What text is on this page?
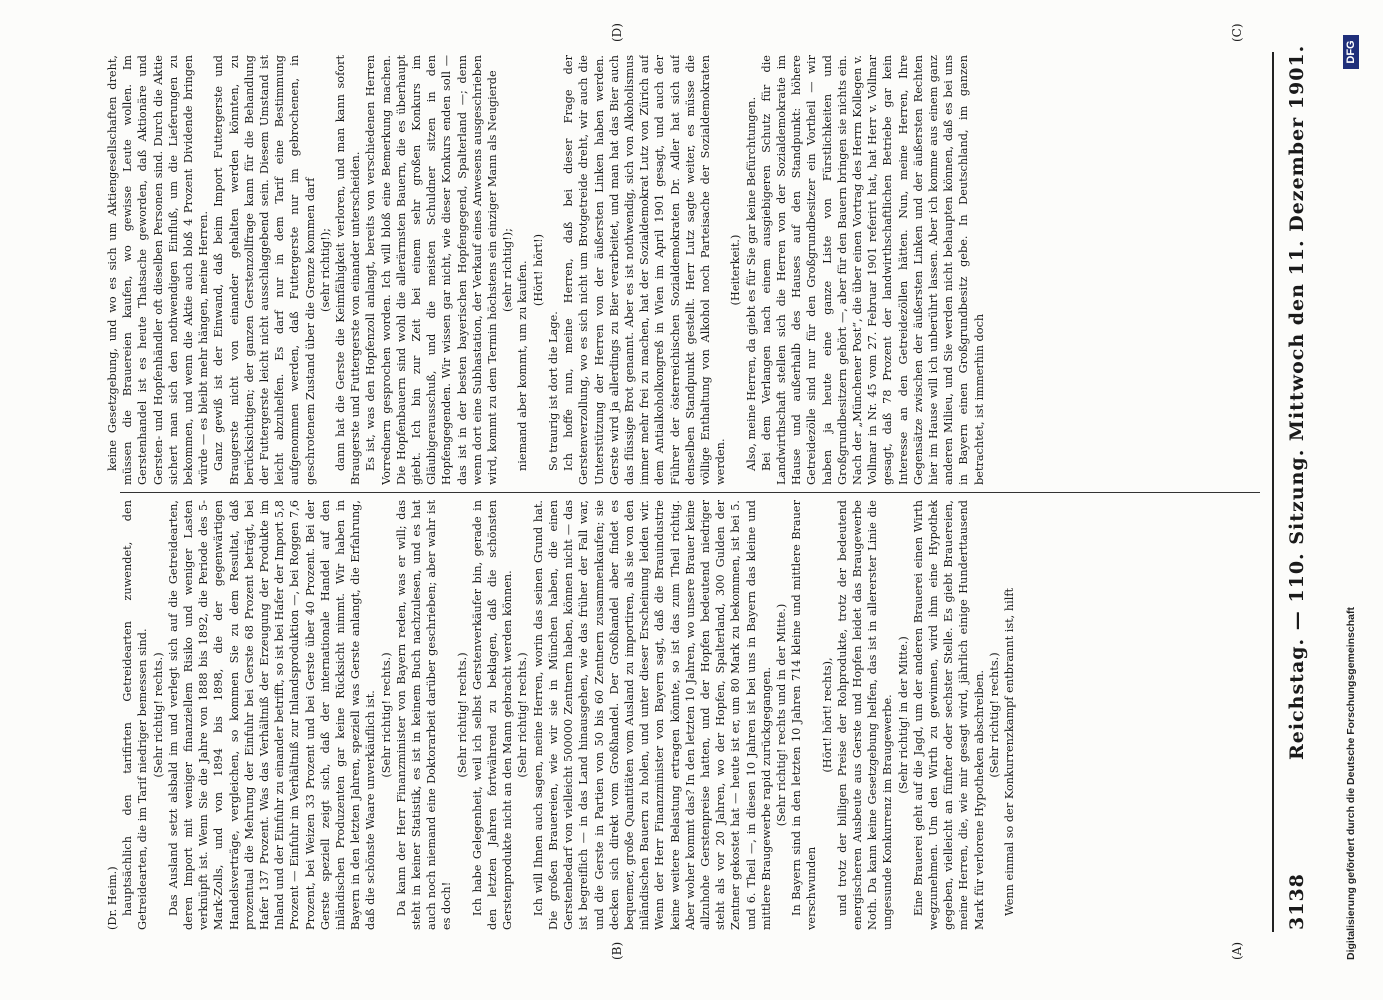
3138
Reichstag. — 110. Sitzung. Mittwoch den 11. Dezember 1901.

(Dr. Heim.) hauptsächlich den tarifirten Getreidearten zuwendet, den Getreidearten, die im Tarif niedriger bemessen sind. (Sehr richtig! rechts.) Das Ausland setzt alsbald im und verlegt sich auf die Getreidearten, deren Import mit weniger finanziellem Risiko und weniger Lasten verknüpft ist. Wenn Sie die Jahre von 1888 bis 1892, die Periode des 5-Mark-Zolls, und von 1894 bis 1898, die der gegenwärtigen Handelsverträge, vergleichen, so kommen Sie zu dem Resultat, daß prozentual die Mehrung der Einfuhr bei Gerste 68 Prozent beträgt, bei Hafer 137 Prozent. Was das Verhältniß der Erzeugung der Produkte im Inland und der Einfuhr zu einander betrifft, so ist bei Hafer der Import 5,8 Prozent — Einfuhr im Verhältniß zur Inlandsproduktion —, bei Roggen 7,6 Prozent, bei Weizen 33 Prozent und bei Gerste über 40 Prozent. Bei der Gerste speziell zeigt sich, daß der internationale Handel auf den inländischen Produzenten gar keine Rücksicht nimmt. Wir haben in Bayern in den letzten Jahren, speziell was Gerste anlangt, die Erfahrung, daß die schönste Waare unverkäuflich ist. (Sehr richtig! rechts.) Da kann der Herr Finanzminister von Bayern reden, was er will; das steht in keiner Statistik, es ist in keinem Buch nachzulesen, und es hat auch noch niemand eine Doktorarbeit darüber geschrieben; aber wahr ist es doch!

(Sehr richtig! rechts.) Ich habe Gelegenheit, weil ich selbst Gerstenverkäufer bin, gerade in den letzten Jahren fortwährend zu beklagen, daß die schönsten Gerstenprodukte nicht an den Mann gebracht werden können. (Sehr richtig! rechts.) Ich will Ihnen auch sagen, meine Herren, worin das seinen Grund hat. Die großen Brauereien, wie wir sie in München haben, die einen Gerstenbedarf von vielleicht 500000 Zentnern haben, können nicht — das ist begreiflich — in das Land hinausgehen, wie das früher der Fall war, und die Gerste in Partien von 50 bis 60 Zentnern zusammenkaufen; sie decken sich direkt vom Großhandel. Der Großhandel aber findet es bequemer, große Quantitäten vom Ausland zu importiren, als sie von den inländischen Bauern zu holen, und unter dieser Erscheinung leiden wir. Wenn der Herr Finanzminister von Bayern sagt, daß die Brauindustrie keine weitere Belastung ertragen könnte, so ist das zum Theil richtig. Aber woher kommt das? In den letzten 10 Jahren, wo unsere Brauer keine allzuhohe Gerstenpreise hatten, und der Hopfen bedeutend niedriger steht als vor 20 Jahren, wo der Hopfen, Spalterland, 300 Gulden der Zentner gekostet hat — heute ist er, um 80 Mark zu bekommen, ist bei 5. und 6. Theil —, in diesen 10 Jahren ist bei uns in Bayern das kleine und mittlere Braugewerbe rapid zurückgegangen. (Sehr richtig! rechts und in der Mitte.) In Bayern sind in den letzten 10 Jahren 714 kleine und mittlere Brauer verschwunden

(Hört! hört! rechts), und trotz der billigen Preise der Rohprodukte, trotz der bedeutend energischeren Ausbeute aus Gerste und Hopfen leidet das Braugewerbe Noth. Da kann keine Gesetzgebung helfen, das ist in allererster Linie die ungesunde Konkurrenz im Braugewerbe. (Sehr richtig! in der Mitte.) Eine Brauerei geht auf die Jagd, um der anderen Brauerei einen Wirth wegzunehmen. Um den Wirth zu gewinnen, wird ihm eine Hypothek gegeben, vielleicht an fünfter oder sechster Stelle. Es giebt Brauereien, meine Herren, die, wie mir gesagt wird, jährlich einige Hunderttausend Mark für verlorene Hypotheken abschreiben. (Sehr richtig! rechts.) Wenn einmal so der Konkurrenzkampf entbrannt ist, hilft

keine Gesetzgebung, und wo es sich um Aktiengesellschaften dreht, müssen die Brauereien kaufen, wo gewisse Leute wollen. Im Gerstenhandel ist es heute Thatsache geworden, daß Aktionäre und Gersten- und Hopfenhändler oft dieselben Personen sind. Durch die Aktie sichert man sich den nothwendigen Einfluß, um die Lieferungen zu bekommen, und wenn die Aktie auch bloß 4 Prozent Dividende bringen würde — es bleibt mehr hängen, meine Herren. Ganz gewiß ist der Einwand, daß beim Import Futtergerste und Braugerste nicht von einander gehalten werden könnten, zu berücksichtigen; der ganzen Gerstenzollfrage kann für die Behandlung der Futtergerste leicht nicht ausschlaggebend sein. Diesem Umstand ist leicht abzuhelfen. Es darf nur in dem Tarif eine Bestimmung aufgenommen werden, daß Futtergerste nur im gebrochenen, in geschrotenem Zustand über die Grenze kommen darf (sehr richtig!); dann hat die Gerste die Keimfähigkeit verloren, und man kann sofort Braugerste und Futtergerste von einander unterscheiden. Es ist, was den Hopfenzoll anlangt, bereits von verschiedenen Herren Vorrednern gesprochen worden. Ich will bloß eine Bemerkung machen. Die Hopfenbauern sind wohl die allerärmsten Bauern, die es überhaupt giebt. Ich bin zur Zeit bei einem sehr großen Konkurs im Gläubigerausschuß, und die meisten Schuldner sitzen in den Hopfengegenden. Wir wissen gar nicht, wie dieser Konkurs enden soll — das ist in der besten bayerischen Hopfengegend, Spalterland —; denn wenn dort eine Subhastation, der Verkauf eines Anwesens ausgeschrieben wird, kommt zu dem Termin höchstens ein einziger Mann als Neugierde (sehr richtig!); niemand aber kommt, um zu kaufen. (Hört! hört!)

So traurig ist dort die Lage. Ich hoffe nun, meine Herren, daß bei dieser Frage der Gerstenverzollung, wo es sich nicht um Brotgetreide dreht, wir auch die Unterstützung der Herren von der äußersten Linken haben werden. Gerste wird ja allerdings zu Bier verarbeitet, und man hat das Bier auch das flüssige Brot genannt. Aber es ist nothwendig, sich von Alkoholismus immer mehr frei zu machen, hat der Sozialdemokrat Lutz von Zürich auf dem Antialkoholkongreß in Wien im April 1901 gesagt, und auch der Führer der österreichischen Sozialdemokraten Dr. Adler hat sich auf denselben Standpunkt gestellt. Herr Lutz sagte weiter, es müsse die völlige Enthaltung von Alkohol noch Parteisache der Sozialdemokraten werden.

(Heiterkeit.) Also, meine Herren, da giebt es für Sie gar keine Befürchtungen. Bei dem Verlangen nach einem ausgiebigeren Schutz für die Landwirthschaft stellen sich die Herren von der Sozialdemokratie im Hause und außerhalb des Hauses auf den Standpunkt: höhere Getreidezölle sind nur für den Großgrundbesitzer ein Vortheil — wir haben ja heute eine ganze Liste von Fürstlichkeiten und Großgrundbesitzern gehört —, aber für den Bauern bringen sie nichts ein. Nach der „Münchener Post“, die über einen Vortrag des Herrn Kollegen v. Vollmar in Nr. 45 vom 27. Februar 1901 referirt hat, hat Herr v. Vollmar gesagt, daß 78 Prozent der landwirthschaftlichen Betriebe gar kein Interesse an den Getreidezöllen hätten. Nun, meine Herren, Ihre Gegensätze zwischen der äußersten Linken und der äußersten Rechten hier im Hause will ich unberührt lassen. Aber ich komme aus einem ganz anderen Milieu, und Sie werden nicht behaupten können, daß es bei uns in Bayern einen Großgrundbesitz gebe. In Deutschland, im ganzen betrachtet, ist immerhin doch

(A)
(B)
(C)
(D)
Digitalisierung gefördert durch die Deutsche Forschungsgemeinschaft
DFG
